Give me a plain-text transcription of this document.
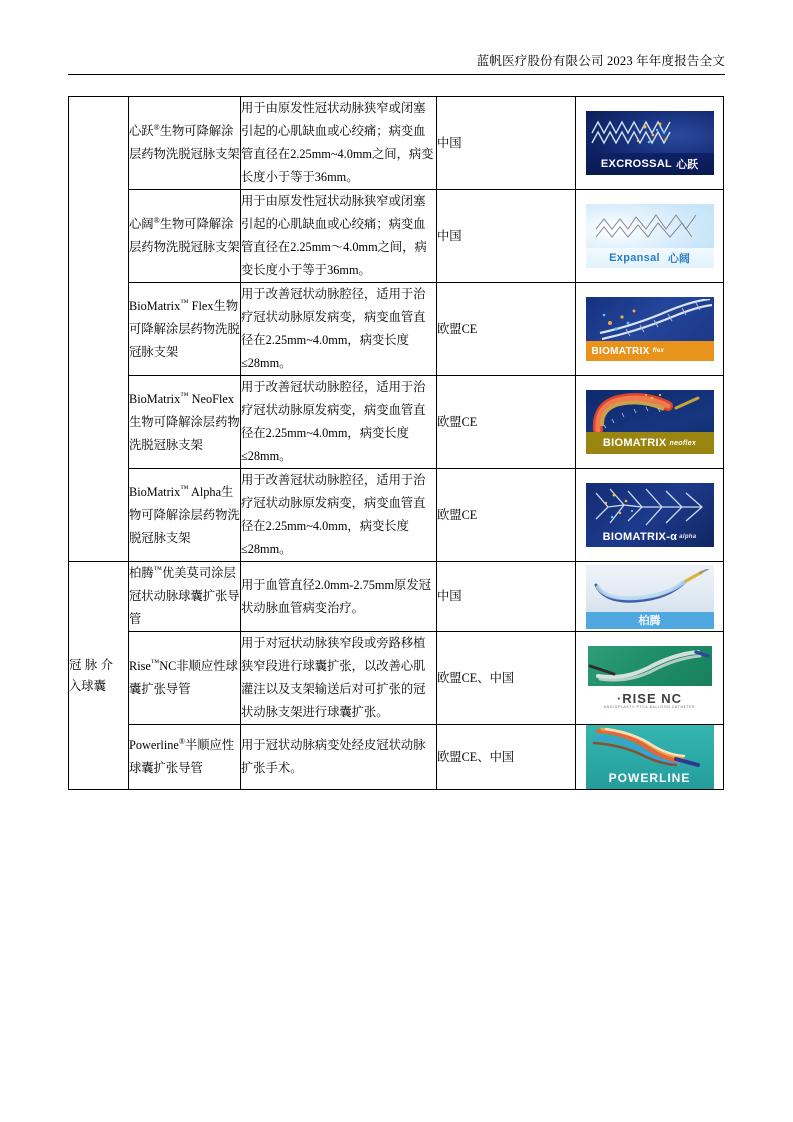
蓝帆医疗股份有限公司 2023 年年度报告全文
	心跃®生物可降解涂层药物洗脱冠脉支架	用于由原发性冠状动脉狭窄或闭塞引起的心肌缺血或心绞痛；病变血管直径在2.25mm~4.0mm之间，病变长度小于等于36mm。	中国	EXCROSSAL 心跃

	心阔®生物可降解涂层药物洗脱冠脉支架	用于由原发性冠状动脉狭窄或闭塞引起的心肌缺血或心绞痛；病变血管直径在2.25mm～4.0mm之间，病变长度小于等于36mm。	中国	Expansal 心阔

	BioMatrix™ Flex生物可降解涂层药物洗脱冠脉支架	用于改善冠状动脉腔径，适用于治疗冠状动脉原发病变，病变血管直径在2.25mm~4.0mm，病变长度≤28mm。	欧盟CE	BIOMATRIX flex

	BioMatrix™ NeoFlex生物可降解涂层药物洗脱冠脉支架	用于改善冠状动脉腔径，适用于治疗冠状动脉原发病变，病变血管直径在2.25mm~4.0mm，病变长度≤28mm。	欧盟CE	BIOMATRIX neoflex

	BioMatrix™ Alpha生物可降解涂层药物洗脱冠脉支架	用于改善冠状动脉腔径，适用于治疗冠状动脉原发病变，病变血管直径在2.25mm~4.0mm，病变长度≤28mm。	欧盟CE	BIOMATRIX-α alpha

冠脉介
入球囊	柏腾™优美莫司涂层冠状动脉球囊扩张导管	用于血管直径2.0mm-2.75mm原发冠状动脉血管病变治疗。	中国	柏腾

	Rise™NC非顺应性球囊扩张导管	用于对冠状动脉狭窄段或旁路移植狭窄段进行球囊扩张，以改善心肌灌注以及支架输送后对可扩张的冠状动脉支架进行球囊扩张。	欧盟CE、中国	·RISE NC
ANGIOPLASTY PTCA BALLOON CATHETER

	Powerline®半顺应性球囊扩张导管	用于冠状动脉病变处经皮冠状动脉扩张手术。	欧盟CE、中国	POWERLINE
